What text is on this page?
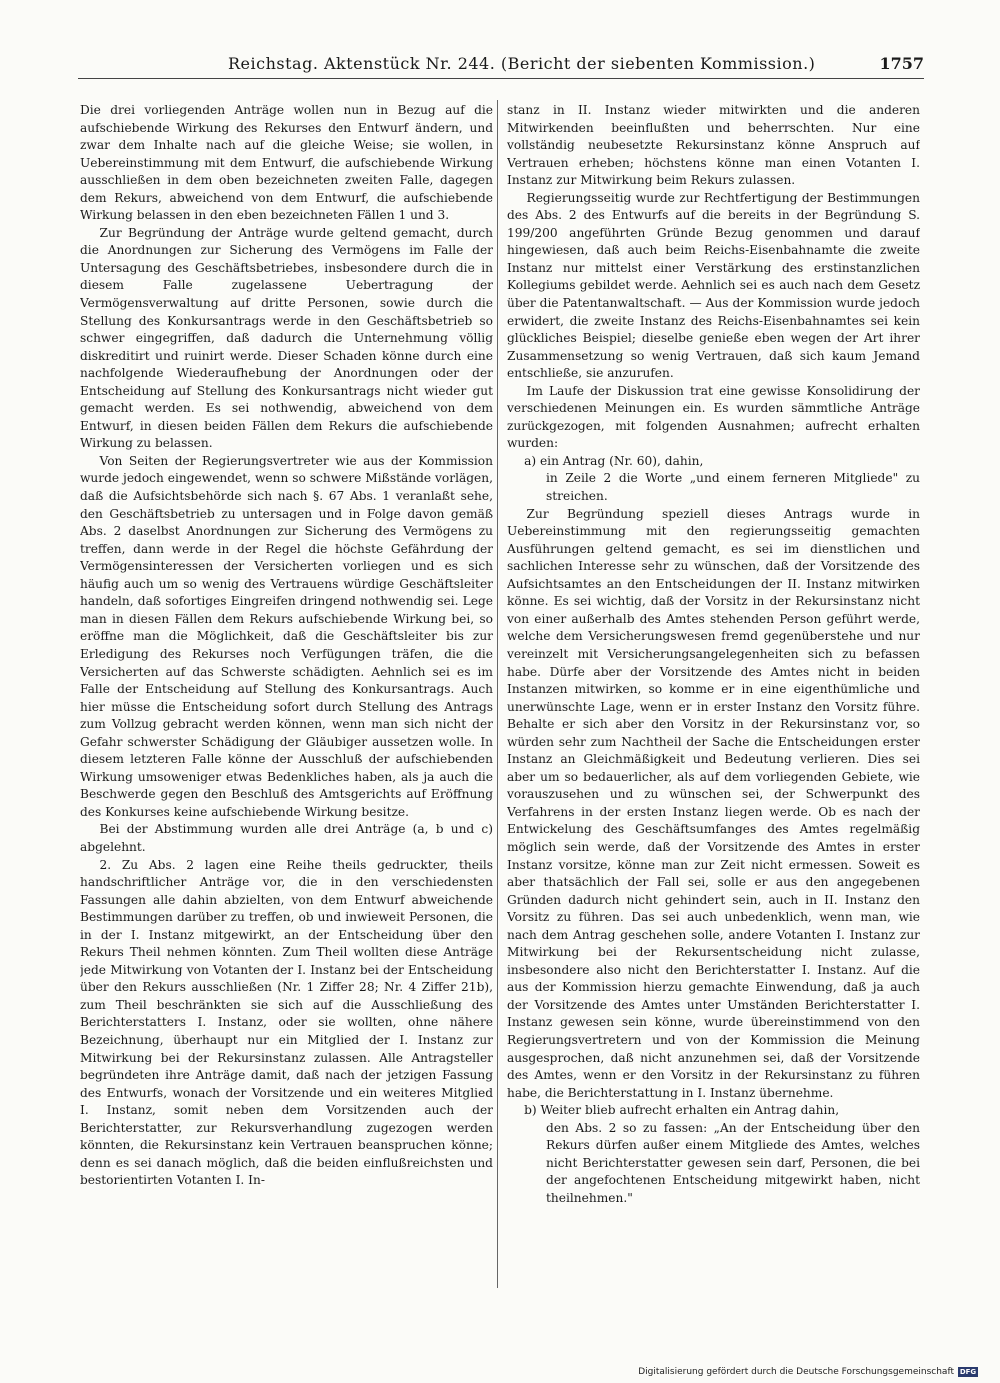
Reichstag. Aktenstück Nr. 244. (Bericht der siebenten Kommission.)	1757

Die drei vorliegenden Anträge wollen nun in Bezug auf die aufschiebende Wirkung des Rekurses den Entwurf ändern, und zwar dem Inhalte nach auf die gleiche Weise; sie wollen, in Uebereinstimmung mit dem Entwurf, die aufschiebende Wirkung ausschließen in dem oben bezeichneten zweiten Falle, dagegen dem Rekurs, abweichend von dem Entwurf, die aufschiebende Wirkung belassen in den eben bezeichneten Fällen 1 und 3.

Zur Begründung der Anträge wurde geltend gemacht, durch die Anordnungen zur Sicherung des Vermögens im Falle der Untersagung des Geschäftsbetriebes, insbesondere durch die in diesem Falle zugelassene Uebertragung der Vermögensverwaltung auf dritte Personen, sowie durch die Stellung des Konkursantrags werde in den Geschäftsbetrieb so schwer eingegriffen, daß dadurch die Unternehmung völlig diskreditirt und ruinirt werde. Dieser Schaden könne durch eine nachfolgende Wiederaufhebung der Anordnungen oder der Entscheidung auf Stellung des Konkursantrags nicht wieder gut gemacht werden. Es sei nothwendig, abweichend von dem Entwurf, in diesen beiden Fällen dem Rekurs die aufschiebende Wirkung zu belassen.

Von Seiten der Regierungsvertreter wie aus der Kommission wurde jedoch eingewendet, wenn so schwere Mißstände vorlägen, daß die Aufsichtsbehörde sich nach §. 67 Abs. 1 veranlaßt sehe, den Geschäftsbetrieb zu untersagen und in Folge davon gemäß Abs. 2 daselbst Anordnungen zur Sicherung des Vermögens zu treffen, dann werde in der Regel die höchste Gefährdung der Vermögensinteressen der Versicherten vorliegen und es sich häufig auch um so wenig des Vertrauens würdige Geschäftsleiter handeln, daß sofortiges Eingreifen dringend nothwendig sei. Lege man in diesen Fällen dem Rekurs aufschiebende Wirkung bei, so eröffne man die Möglichkeit, daß die Geschäftsleiter bis zur Erledigung des Rekurses noch Verfügungen träfen, die die Versicherten auf das Schwerste schädigten. Aehnlich sei es im Falle der Entscheidung auf Stellung des Konkursantrags. Auch hier müsse die Entscheidung sofort durch Stellung des Antrags zum Vollzug gebracht werden können, wenn man sich nicht der Gefahr schwerster Schädigung der Gläubiger aussetzen wolle. In diesem letzteren Falle könne der Ausschluß der aufschiebenden Wirkung umsoweniger etwas Bedenkliches haben, als ja auch die Beschwerde gegen den Beschluß des Amtsgerichts auf Eröffnung des Konkurses keine aufschiebende Wirkung besitze.

Bei der Abstimmung wurden alle drei Anträge (a, b und c) abgelehnt.

2. Zu Abs. 2 lagen eine Reihe theils gedruckter, theils handschriftlicher Anträge vor, die in den verschiedensten Fassungen alle dahin abzielten, von dem Entwurf abweichende Bestimmungen darüber zu treffen, ob und inwieweit Personen, die in der I. Instanz mitgewirkt, an der Entscheidung über den Rekurs Theil nehmen könnten. Zum Theil wollten diese Anträge jede Mitwirkung von Votanten der I. Instanz bei der Entscheidung über den Rekurs ausschließen (Nr. 1 Ziffer 28; Nr. 4 Ziffer 21b), zum Theil beschränkten sie sich auf die Ausschließung des Berichterstatters I. Instanz, oder sie wollten, ohne nähere Bezeichnung, überhaupt nur ein Mitglied der I. Instanz zur Mitwirkung bei der Rekursinstanz zulassen. Alle Antragsteller begründeten ihre Anträge damit, daß nach der jetzigen Fassung des Entwurfs, wonach der Vorsitzende und ein weiteres Mitglied I. Instanz, somit neben dem Vorsitzenden auch der Berichterstatter, zur Rekursverhandlung zugezogen werden könnten, die Rekursinstanz kein Vertrauen beanspruchen könne; denn es sei danach möglich, daß die beiden einflußreichsten und bestorientirten Votanten I. In-

stanz in II. Instanz wieder mitwirkten und die anderen Mitwirkenden beeinflußten und beherrschten. Nur eine vollständig neubesetzte Rekursinstanz könne Anspruch auf Vertrauen erheben; höchstens könne man einen Votanten I. Instanz zur Mitwirkung beim Rekurs zulassen.

Regierungsseitig wurde zur Rechtfertigung der Bestimmungen des Abs. 2 des Entwurfs auf die bereits in der Begründung S. 199/200 angeführten Gründe Bezug genommen und darauf hingewiesen, daß auch beim Reichs-Eisenbahnamte die zweite Instanz nur mittelst einer Verstärkung des erstinstanzlichen Kollegiums gebildet werde. Aehnlich sei es auch nach dem Gesetz über die Patentanwaltschaft. — Aus der Kommission wurde jedoch erwidert, die zweite Instanz des Reichs-Eisenbahnamtes sei kein glückliches Beispiel; dieselbe genieße eben wegen der Art ihrer Zusammensetzung so wenig Vertrauen, daß sich kaum Jemand entschließe, sie anzurufen.

Im Laufe der Diskussion trat eine gewisse Konsolidirung der verschiedenen Meinungen ein. Es wurden sämmtliche Anträge zurückgezogen, mit folgenden Ausnahmen; aufrecht erhalten wurden:

a) ein Antrag (Nr. 60), dahin,

in Zeile 2 die Worte „und einem ferneren Mitgliede" zu streichen.

Zur Begründung speziell dieses Antrags wurde in Uebereinstimmung mit den regierungsseitig gemachten Ausführungen geltend gemacht, es sei im dienstlichen und sachlichen Interesse sehr zu wünschen, daß der Vorsitzende des Aufsichtsamtes an den Entscheidungen der II. Instanz mitwirken könne. Es sei wichtig, daß der Vorsitz in der Rekursinstanz nicht von einer außerhalb des Amtes stehenden Person geführt werde, welche dem Versicherungswesen fremd gegenüberstehe und nur vereinzelt mit Versicherungsangelegenheiten sich zu befassen habe. Dürfe aber der Vorsitzende des Amtes nicht in beiden Instanzen mitwirken, so komme er in eine eigenthümliche und unerwünschte Lage, wenn er in erster Instanz den Vorsitz führe. Behalte er sich aber den Vorsitz in der Rekursinstanz vor, so würden sehr zum Nachtheil der Sache die Entscheidungen erster Instanz an Gleichmäßigkeit und Bedeutung verlieren. Dies sei aber um so bedauerlicher, als auf dem vorliegenden Gebiete, wie vorauszusehen und zu wünschen sei, der Schwerpunkt des Verfahrens in der ersten Instanz liegen werde. Ob es nach der Entwickelung des Geschäftsumfanges des Amtes regelmäßig möglich sein werde, daß der Vorsitzende des Amtes in erster Instanz vorsitze, könne man zur Zeit nicht ermessen. Soweit es aber thatsächlich der Fall sei, solle er aus den angegebenen Gründen dadurch nicht gehindert sein, auch in II. Instanz den Vorsitz zu führen. Das sei auch unbedenklich, wenn man, wie nach dem Antrag geschehen solle, andere Votanten I. Instanz zur Mitwirkung bei der Rekursentscheidung nicht zulasse, insbesondere also nicht den Berichterstatter I. Instanz. Auf die aus der Kommission hierzu gemachte Einwendung, daß ja auch der Vorsitzende des Amtes unter Umständen Berichterstatter I. Instanz gewesen sein könne, wurde übereinstimmend von den Regierungsvertretern und von der Kommission die Meinung ausgesprochen, daß nicht anzunehmen sei, daß der Vorsitzende des Amtes, wenn er den Vorsitz in der Rekursinstanz zu führen habe, die Berichterstattung in I. Instanz übernehme.

b) Weiter blieb aufrecht erhalten ein Antrag dahin,

den Abs. 2 so zu fassen: „An der Entscheidung über den Rekurs dürfen außer einem Mitgliede des Amtes, welches nicht Berichterstatter gewesen sein darf, Personen, die bei der angefochtenen Entscheidung mitgewirkt haben, nicht theilnehmen."

Digitalisierung gefördert durch die Deutsche Forschungsgemeinschaft DFG
